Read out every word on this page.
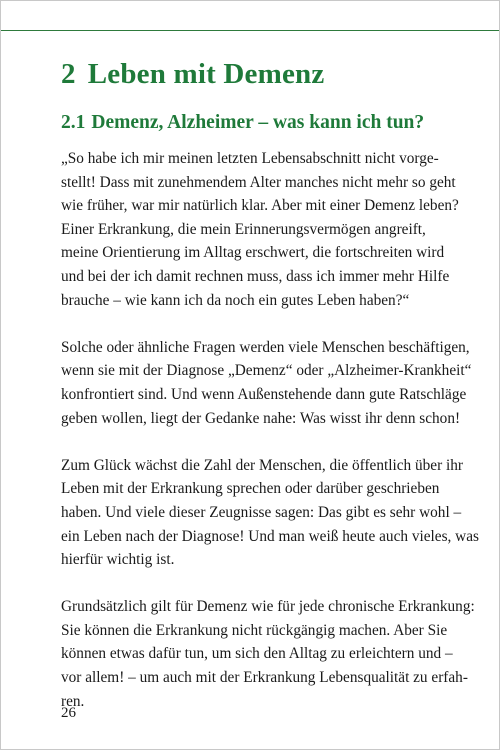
2 Leben mit Demenz
2.1 Demenz, Alzheimer – was kann ich tun?

„So habe ich mir meinen letzten Lebensabschnitt nicht vorge-
stellt! Dass mit zunehmendem Alter manches nicht mehr so geht
wie früher, war mir natürlich klar. Aber mit einer Demenz leben?
Einer Erkrankung, die mein Erinnerungsvermögen angreift,
meine Orientierung im Alltag erschwert, die fortschreiten wird
und bei der ich damit rechnen muss, dass ich immer mehr Hilfe
brauche – wie kann ich da noch ein gutes Leben haben?“

Solche oder ähnliche Fragen werden viele Menschen beschäftigen,
wenn sie mit der Diagnose „Demenz“ oder „Alzheimer-Krankheit“
konfrontiert sind. Und wenn Außenstehende dann gute Ratschläge
geben wollen, liegt der Gedanke nahe: Was wisst ihr denn schon!

Zum Glück wächst die Zahl der Menschen, die öffentlich über ihr
Leben mit der Erkrankung sprechen oder darüber geschrieben
haben. Und viele dieser Zeugnisse sagen: Das gibt es sehr wohl –
ein Leben nach der Diagnose! Und man weiß heute auch vieles, was
hierfür wichtig ist.

Grundsätzlich gilt für Demenz wie für jede chronische Erkrankung:
Sie können die Erkrankung nicht rückgängig machen. Aber Sie
können etwas dafür tun, um sich den Alltag zu erleichtern und –
vor allem! – um auch mit der Erkrankung Lebensqualität zu erfah-
ren.

26
